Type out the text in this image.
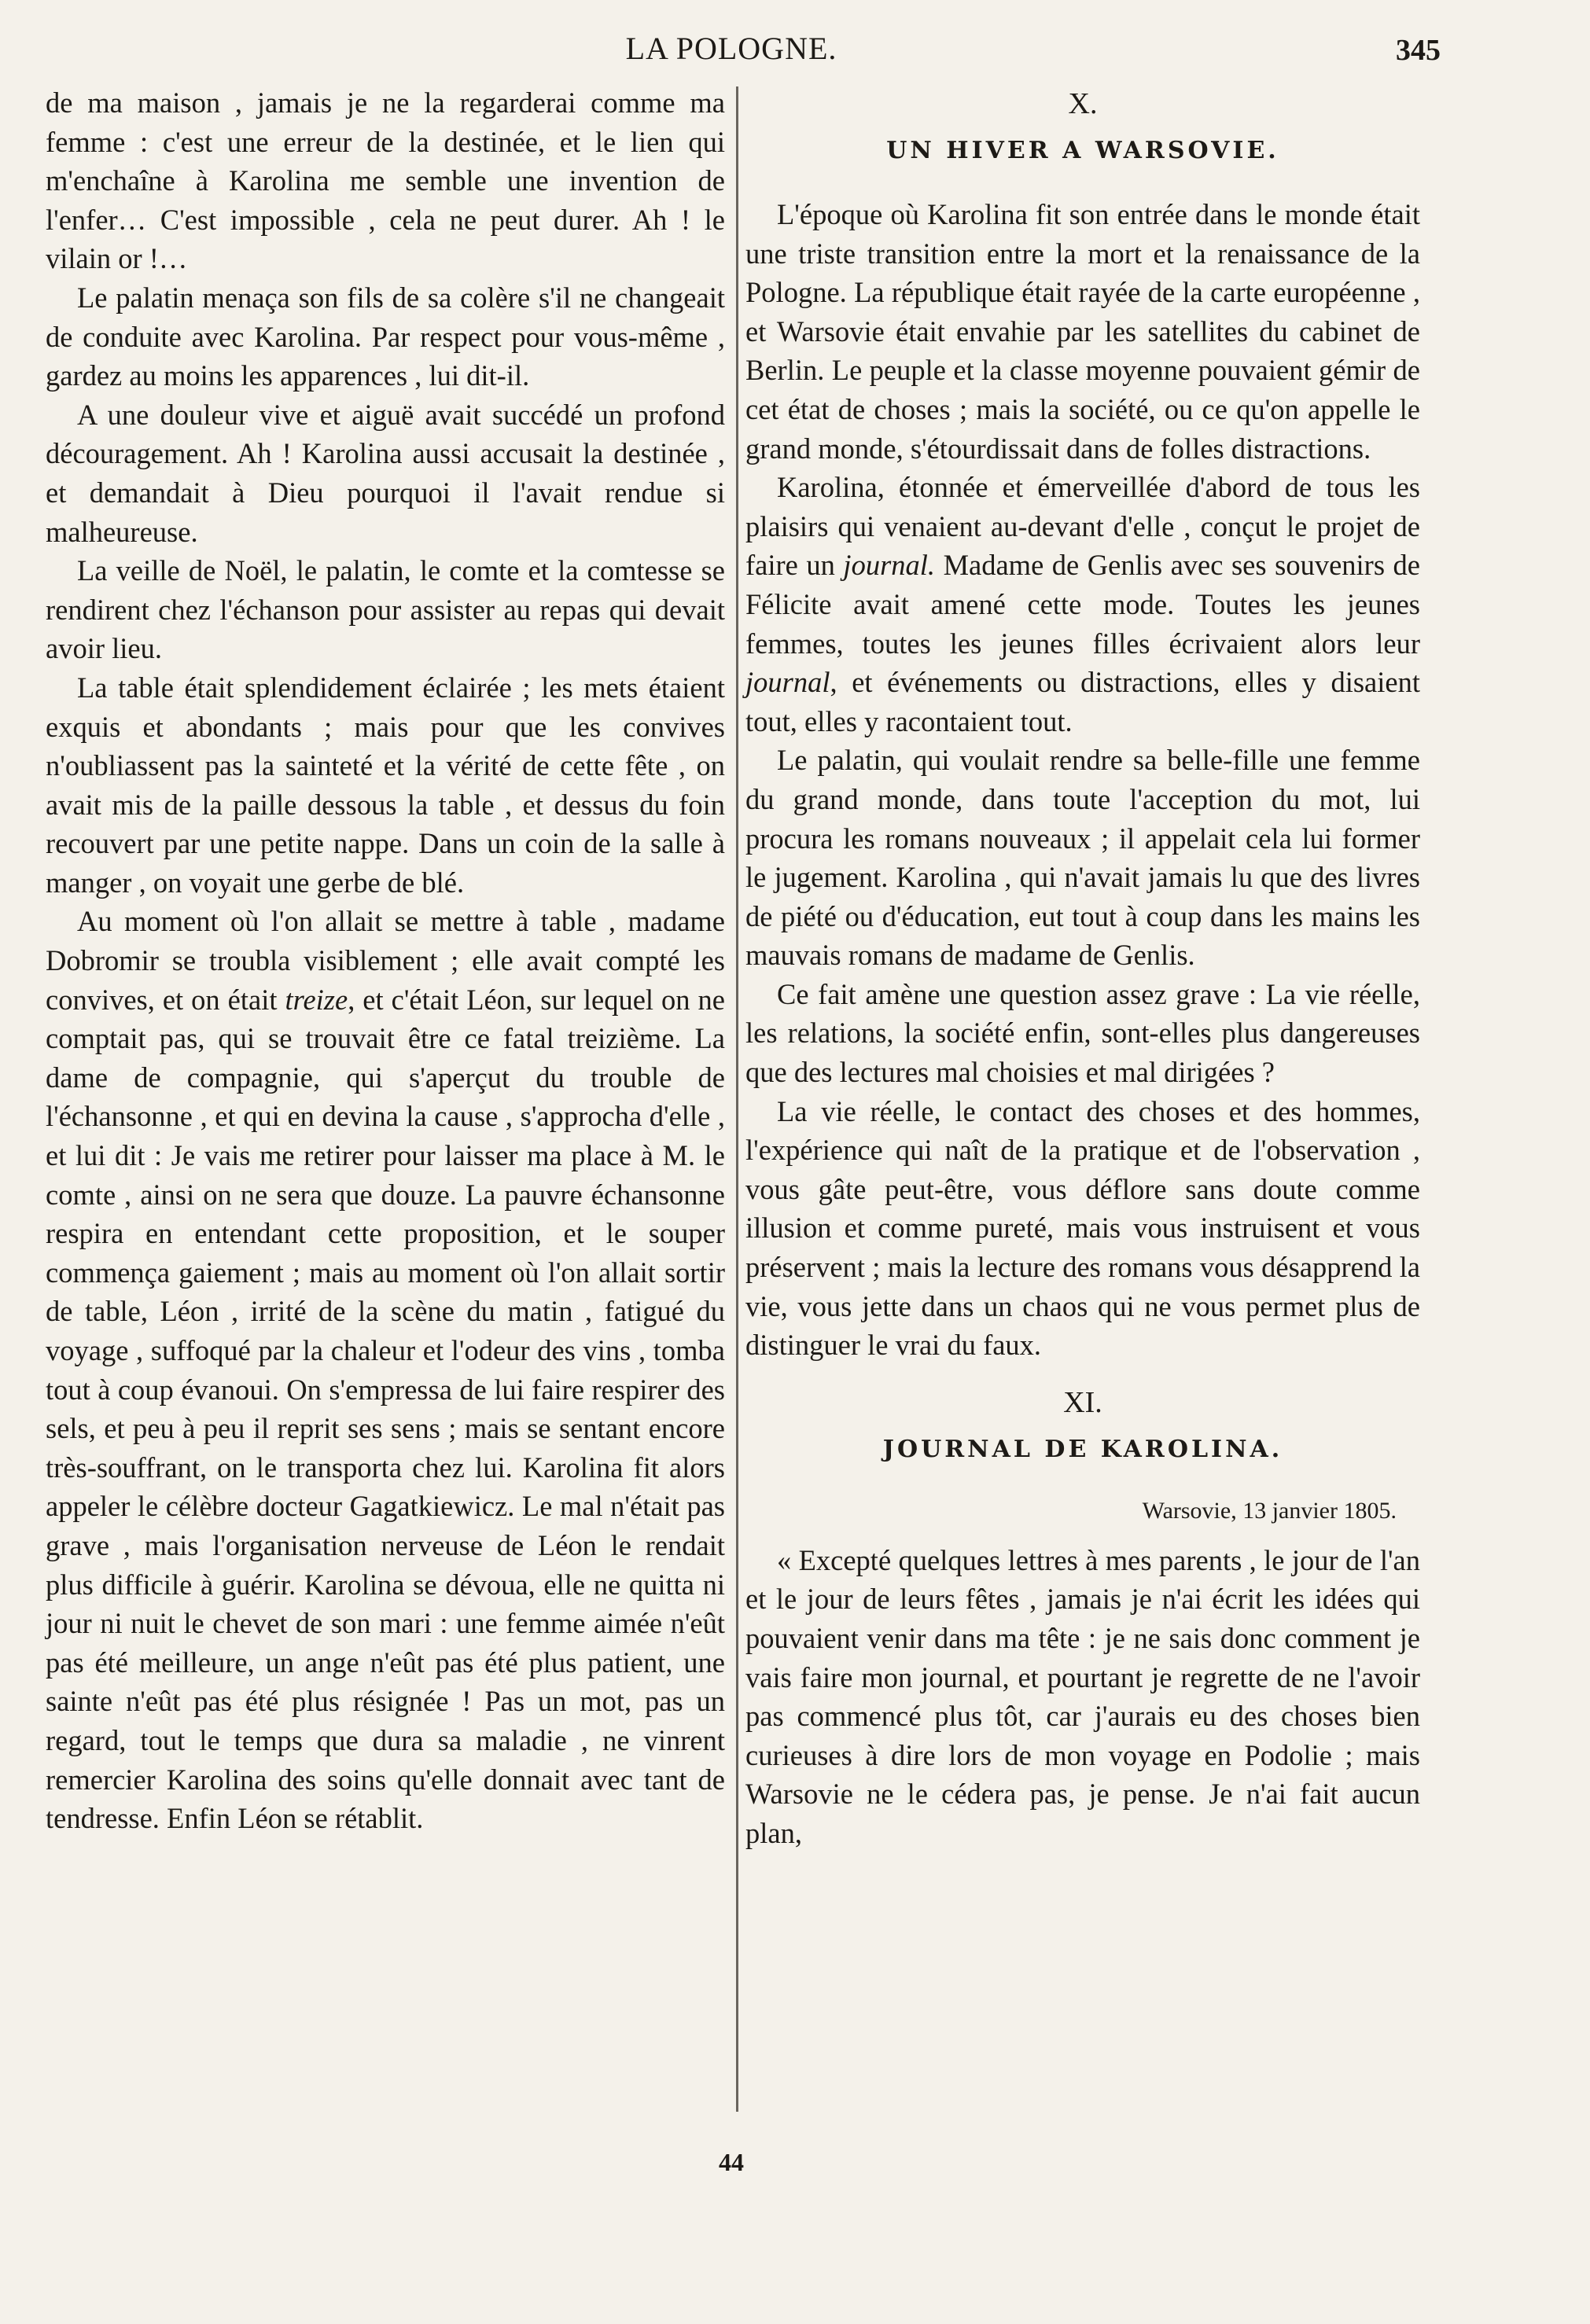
LA POLOGNE.	345

de ma maison , jamais je ne la regarderai comme ma femme : c'est une erreur de la destinée, et le lien qui m'enchaîne à Karolina me semble une invention de l'enfer… C'est impossible , cela ne peut durer. Ah ! le vilain or !…

Le palatin menaça son fils de sa colère s'il ne changeait de conduite avec Karolina. Par respect pour vous-même , gardez au moins les apparences , lui dit-il.

A une douleur vive et aiguë avait succédé un profond découragement. Ah ! Karolina aussi accusait la destinée , et demandait à Dieu pourquoi il l'avait rendue si malheureuse.

La veille de Noël, le palatin, le comte et la comtesse se rendirent chez l'échanson pour assister au repas qui devait avoir lieu.

La table était splendidement éclairée ; les mets étaient exquis et abondants ; mais pour que les convives n'oubliassent pas la sainteté et la vérité de cette fête , on avait mis de la paille dessous la table , et dessus du foin recouvert par une petite nappe. Dans un coin de la salle à manger , on voyait une gerbe de blé.

Au moment où l'on allait se mettre à table , madame Dobromir se troubla visiblement ; elle avait compté les convives, et on était treize, et c'était Léon, sur lequel on ne comptait pas, qui se trouvait être ce fatal treizième. La dame de compagnie, qui s'aperçut du trouble de l'échansonne , et qui en devina la cause , s'approcha d'elle , et lui dit : Je vais me retirer pour laisser ma place à M. le comte , ainsi on ne sera que douze. La pauvre échansonne respira en entendant cette proposition, et le souper commença gaiement ; mais au moment où l'on allait sortir de table, Léon , irrité de la scène du matin , fatigué du voyage , suffoqué par la chaleur et l'odeur des vins , tomba tout à coup évanoui. On s'empressa de lui faire respirer des sels, et peu à peu il reprit ses sens ; mais se sentant encore très-souffrant, on le transporta chez lui. Karolina fit alors appeler le célèbre docteur Gagatkiewicz. Le mal n'était pas grave , mais l'organisation nerveuse de Léon le rendait plus difficile à guérir. Karolina se dévoua, elle ne quitta ni jour ni nuit le chevet de son mari : une femme aimée n'eût pas été meilleure, un ange n'eût pas été plus patient, une sainte n'eût pas été plus résignée ! Pas un mot, pas un regard, tout le temps que dura sa maladie , ne vinrent remercier Karolina des soins qu'elle donnait avec tant de tendresse. Enfin Léon se rétablit.

X.
UN HIVER A WARSOVIE.

L'époque où Karolina fit son entrée dans le monde était une triste transition entre la mort et la renaissance de la Pologne. La république était rayée de la carte européenne , et Warsovie était envahie par les satellites du cabinet de Berlin. Le peuple et la classe moyenne pouvaient gémir de cet état de choses ; mais la société, ou ce qu'on appelle le grand monde, s'étourdissait dans de folles distractions.

Karolina, étonnée et émerveillée d'abord de tous les plaisirs qui venaient au-devant d'elle , conçut le projet de faire un journal. Madame de Genlis avec ses souvenirs de Félicite avait amené cette mode. Toutes les jeunes femmes, toutes les jeunes filles écrivaient alors leur journal, et événements ou distractions, elles y disaient tout, elles y racontaient tout.

Le palatin, qui voulait rendre sa belle-fille une femme du grand monde, dans toute l'acception du mot, lui procura les romans nouveaux ; il appelait cela lui former le jugement. Karolina , qui n'avait jamais lu que des livres de piété ou d'éducation, eut tout à coup dans les mains les mauvais romans de madame de Genlis.

Ce fait amène une question assez grave : La vie réelle, les relations, la société enfin, sont-elles plus dangereuses que des lectures mal choisies et mal dirigées ?

La vie réelle, le contact des choses et des hommes, l'expérience qui naît de la pratique et de l'observation , vous gâte peut-être, vous déflore sans doute comme illusion et comme pureté, mais vous instruisent et vous préservent ; mais la lecture des romans vous désapprend la vie, vous jette dans un chaos qui ne vous permet plus de distinguer le vrai du faux.

XI.
JOURNAL DE KAROLINA.
Warsovie, 13 janvier 1805.

« Excepté quelques lettres à mes parents , le jour de l'an et le jour de leurs fêtes , jamais je n'ai écrit les idées qui pouvaient venir dans ma tête : je ne sais donc comment je vais faire mon journal, et pourtant je regrette de ne l'avoir pas commencé plus tôt, car j'aurais eu des choses bien curieuses à dire lors de mon voyage en Podolie ; mais Warsovie ne le cédera pas, je pense. Je n'ai fait aucun plan,

44
